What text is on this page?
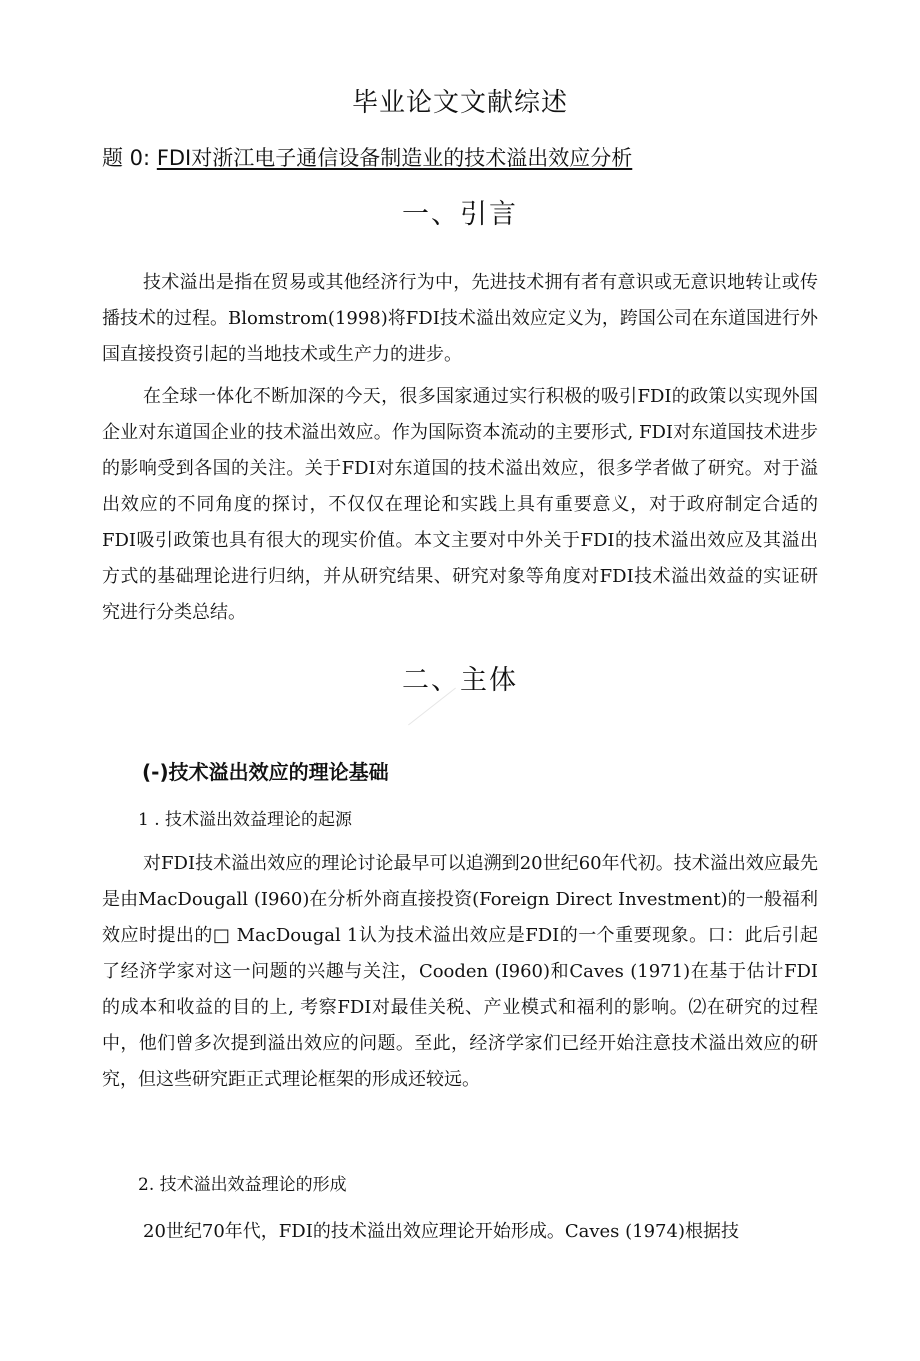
毕业论文文献综述
题 0: FDI对浙江电子通信设备制造业的技术溢出效应分析
一、引言

技术溢出是指在贸易或其他经济行为中，先进技术拥有者有意识或无意识地转让或传播技术的过程。Blomstrom(1998)将FDI技术溢出效应定义为，跨国公司在东道国进行外国直接投资引起的当地技术或生产力的进步。

在全球一体化不断加深的今天，很多国家通过实行积极的吸引FDI的政策以实现外国企业对东道国企业的技术溢出效应。作为国际资本流动的主要形式, FDI对东道国技术进步的影响受到各国的关注。关于FDI对东道国的技术溢出效应，很多学者做了研究。对于溢出效应的不同角度的探讨，不仅仅在理论和实践上具有重要意义，对于政府制定合适的FDI吸引政策也具有很大的现实价值。本文主要对中外关于FDI的技术溢出效应及其溢出方式的基础理论进行归纳，并从研究结果、研究对象等角度对FDI技术溢出效益的实证研究进行分类总结。

二、主体
(-)技术溢出效应的理论基础
1 . 技术溢出效益理论的起源

对FDI技术溢出效应的理论讨论最早可以追溯到20世纪60年代初。技术溢出效应最先是由MacDougall (I960)在分析外商直接投资(Foreign Direct Investment)的一般福利效应时提出的□ MacDougal 1认为技术溢出效应是FDI的一个重要现象。口：此后引起了经济学家对这一问题的兴趣与关注，Cooden (I960)和Caves (1971)在基于估计FDI的成本和收益的目的上, 考察FDI对最佳关税、产业模式和福利的影响。⑵在研究的过程中，他们曾多次提到溢出效应的问题。至此，经济学家们已经开始注意技术溢出效应的研究，但这些研究距正式理论框架的形成还较远。

2. 技术溢出效益理论的形成

20世纪70年代，FDI的技术溢出效应理论开始形成。Caves (1974)根据技
